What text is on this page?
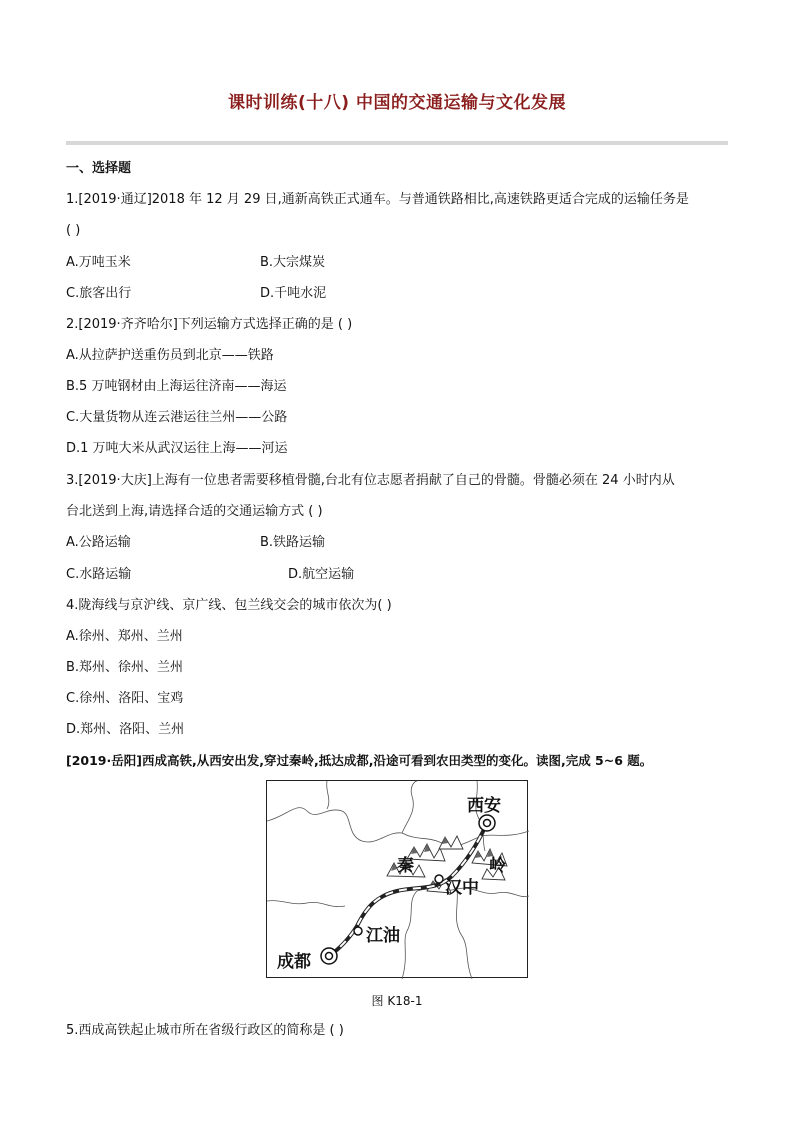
课时训练(十八) 中国的交通运输与文化发展
一、选择题
1.[2019·通辽]2018 年 12 月 29 日,通新高铁正式通车。与普通铁路相比,高速铁路更适合完成的运输任务是
( )
A.万吨玉米	B.大宗煤炭
C.旅客出行	D.千吨水泥
2.[2019·齐齐哈尔]下列运输方式选择正确的是 ( )
A.从拉萨护送重伤员到北京——铁路
B.5 万吨钢材由上海运往济南——海运
C.大量货物从连云港运往兰州——公路
D.1 万吨大米从武汉运往上海——河运
3.[2019·大庆]上海有一位患者需要移植骨髓,台北有位志愿者捐献了自己的骨髓。骨髓必须在 24 小时内从
台北送到上海,请选择合适的交通运输方式 ( )
A.公路运输	B.铁路运输
C.水路运输	D.航空运输
4.陇海线与京沪线、京广线、包兰线交会的城市依次为( )
A.徐州、郑州、兰州
B.郑州、徐州、兰州
C.徐州、洛阳、宝鸡
D.郑州、洛阳、兰州
[2019·岳阳]西成高铁,从西安出发,穿过秦岭,抵达成都,沿途可看到农田类型的变化。读图,完成 5~6 题。
西安
秦	岭
汉中
江油
成都
图 K18-1
5.西成高铁起止城市所在省级行政区的简称是 ( )
